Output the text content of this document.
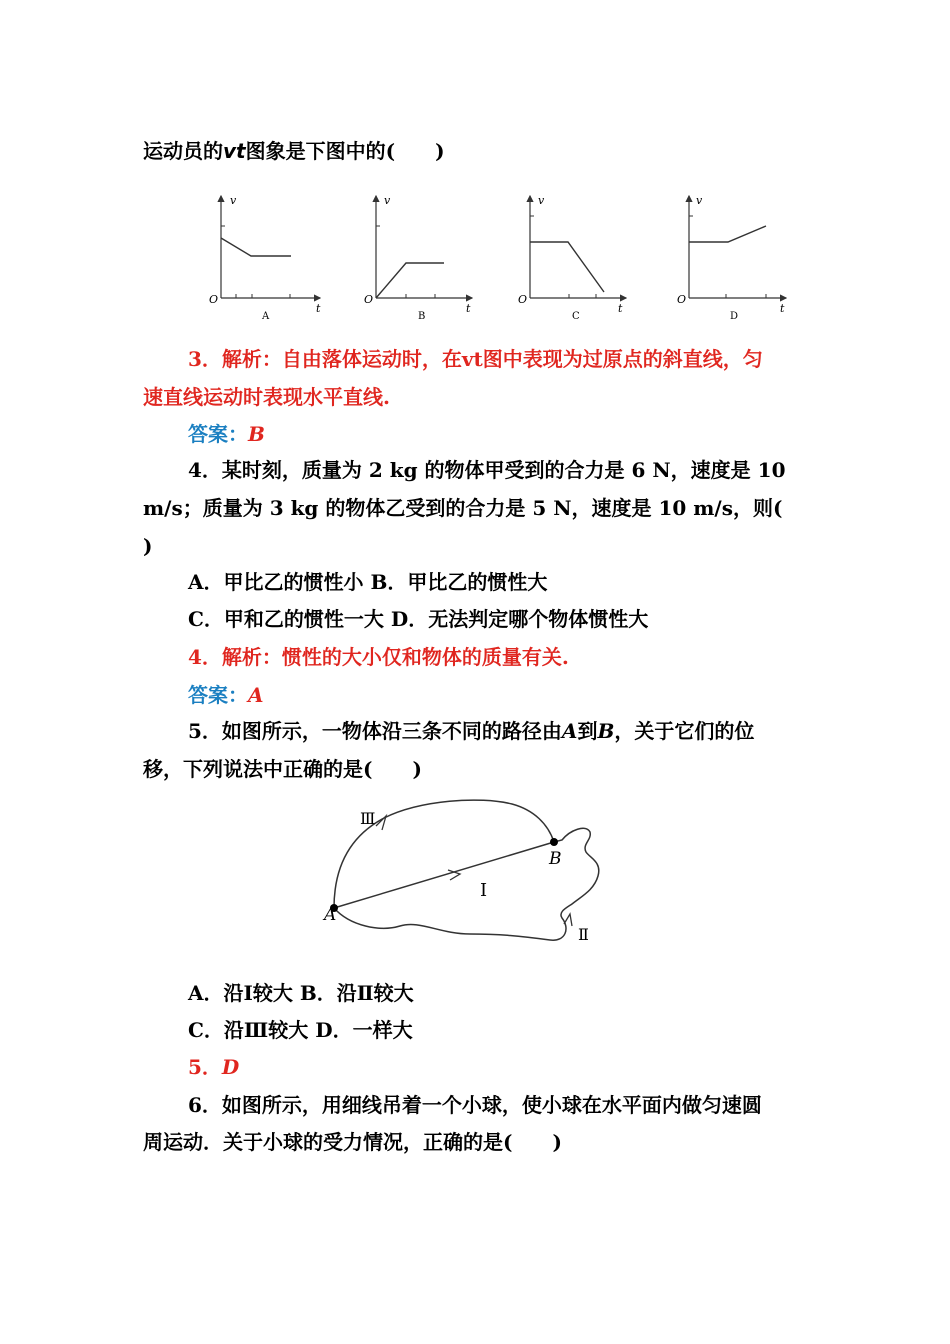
运动员的vt图象是下图中的(　　)
v
t
O
A
v
t
O
B
v
t
O
C
v
t
O
D
3．解析：自由落体运动时，在vt图中表现为过原点的斜直线，匀
速直线运动时表现水平直线.
答案：B
4．某时刻，质量为 2 kg 的物体甲受到的合力是 6 N，速度是 10
m/s；质量为 3 kg 的物体乙受到的合力是 5 N，速度是 10 m/s，则(
)
A．甲比乙的惯性小 B．甲比乙的惯性大
C．甲和乙的惯性一大 D．无法判定哪个物体惯性大
4．解析：惯性的大小仅和物体的质量有关.
答案：A
5．如图所示，一物体沿三条不同的路径由A到B，关于它们的位
移，下列说法中正确的是(　　)
A
B
Ⅰ
Ⅱ
Ⅲ
A．沿Ⅰ较大 B．沿Ⅱ较大
C．沿Ⅲ较大 D．一样大
5．D
6．如图所示，用细线吊着一个小球，使小球在水平面内做匀速圆
周运动．关于小球的受力情况，正确的是(　　)
